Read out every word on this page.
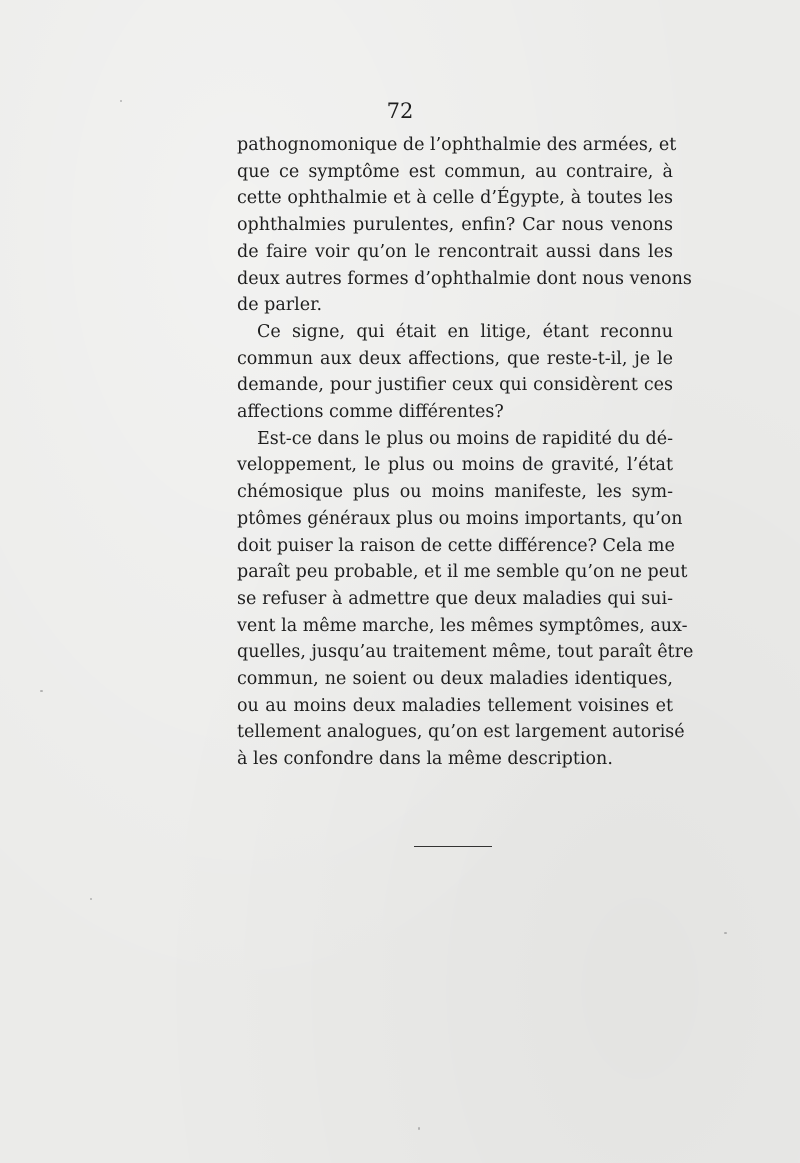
72
pathognomonique de l’ophthalmie des armées, et
que ce symptôme est commun, au contraire, à
cette ophthalmie et à celle d’Égypte, à toutes les
ophthalmies purulentes, enfin? Car nous venons
de faire voir qu’on le rencontrait aussi dans les
deux autres formes d’ophthalmie dont nous venons
de parler.
Ce signe, qui était en litige, étant reconnu
commun aux deux affections, que reste-t-il, je le
demande, pour justifier ceux qui considèrent ces
affections comme différentes?
Est-ce dans le plus ou moins de rapidité du dé-
veloppement, le plus ou moins de gravité, l’état
chémosique plus ou moins manifeste, les sym-
ptômes généraux plus ou moins importants, qu’on
doit puiser la raison de cette différence? Cela me
paraît peu probable, et il me semble qu’on ne peut
se refuser à admettre que deux maladies qui sui-
vent la même marche, les mêmes symptômes, aux-
quelles, jusqu’au traitement même, tout paraît être
commun, ne soient ou deux maladies identiques,
ou au moins deux maladies tellement voisines et
tellement analogues, qu’on est largement autorisé
à les confondre dans la même description.
